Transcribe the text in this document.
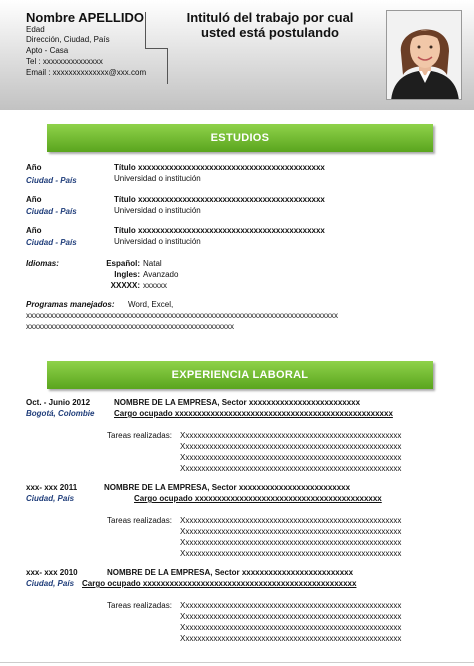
Nombre APELLIDO
Edad
Dirección, Ciudad, País
Apto - Casa
Tel : xxxxxxxxxxxxxxx
Email : xxxxxxxxxxxxxx@xxx.com
Intituló del trabajo por cual usted está postulando
ESTUDIOS
Año
Ciudad - País
Título xxxxxxxxxxxxxxxxxxxxxxxxxxxxxxxxxxxxxxxxxx
Universidad o institución
Año
Ciudad - País
Título xxxxxxxxxxxxxxxxxxxxxxxxxxxxxxxxxxxxxxxxxx
Universidad o institución
Año
Ciudad - País
Título xxxxxxxxxxxxxxxxxxxxxxxxxxxxxxxxxxxxxxxxxx
Universidad o institución
Idiomas:	Español: Natal
Ingles: Avanzado
XXXXX: xxxxxx
Programas manejados: Word, Excel,
xxxxxxxxxxxxxxxxxxxxxxxxxxxxxxxxxxxxxxxxxxxxxxxxxxxxxxxxxxxxxxxxxxxxxxxxxxxxxx
xxxxxxxxxxxxxxxxxxxxxxxxxxxxxxxxxxxxxxxxxxxxxxxxxxxx
EXPERIENCIA LABORAL
Oct. - Junio 2012
Bogotá, Colombie
NOMBRE DE LA EMPRESA, Sector xxxxxxxxxxxxxxxxxxxxxxxxx
Cargo ocupado xxxxxxxxxxxxxxxxxxxxxxxxxxxxxxxxxxxxxxxxxxxxxxxxx
Tareas realizadas: Xxxxxxxxxxxxxxxxxxxxxxxxxxxxxxxxxxxxxxxxxxxxxxxxxxxxxxx
Xxxxxxxxxxxxxxxxxxxxxxxxxxxxxxxxxxxxxxxxxxxxxxxxxxxxxxx
Xxxxxxxxxxxxxxxxxxxxxxxxxxxxxxxxxxxxxxxxxxxxxxxxxxxxxxx
Xxxxxxxxxxxxxxxxxxxxxxxxxxxxxxxxxxxxxxxxxxxxxxxxxxxxxxx
xxx- xxx 2011
Ciudad, País
NOMBRE DE LA EMPRESA, Sector xxxxxxxxxxxxxxxxxxxxxxxxx
Cargo ocupado xxxxxxxxxxxxxxxxxxxxxxxxxxxxxxxxxxxxxxxxxx
Tareas realizadas: Xxxxxxxxxxxxxxxxxxxxxxxxxxxxxxxxxxxxxxxxxxxxxxxxxxxxxxx
Xxxxxxxxxxxxxxxxxxxxxxxxxxxxxxxxxxxxxxxxxxxxxxxxxxxxxxx
Xxxxxxxxxxxxxxxxxxxxxxxxxxxxxxxxxxxxxxxxxxxxxxxxxxxxxxx
Xxxxxxxxxxxxxxxxxxxxxxxxxxxxxxxxxxxxxxxxxxxxxxxxxxxxxxx
xxx- xxx 2010
Ciudad, País
NOMBRE DE LA EMPRESA, Sector xxxxxxxxxxxxxxxxxxxxxxxxx
Cargo ocupado xxxxxxxxxxxxxxxxxxxxxxxxxxxxxxxxxxxxxxxxxxxxxxxx
Tareas realizadas: Xxxxxxxxxxxxxxxxxxxxxxxxxxxxxxxxxxxxxxxxxxxxxxxxxxxxxxx
Xxxxxxxxxxxxxxxxxxxxxxxxxxxxxxxxxxxxxxxxxxxxxxxxxxxxxxx
Xxxxxxxxxxxxxxxxxxxxxxxxxxxxxxxxxxxxxxxxxxxxxxxxxxxxxxx
Xxxxxxxxxxxxxxxxxxxxxxxxxxxxxxxxxxxxxxxxxxxxxxxxxxxxxxx
